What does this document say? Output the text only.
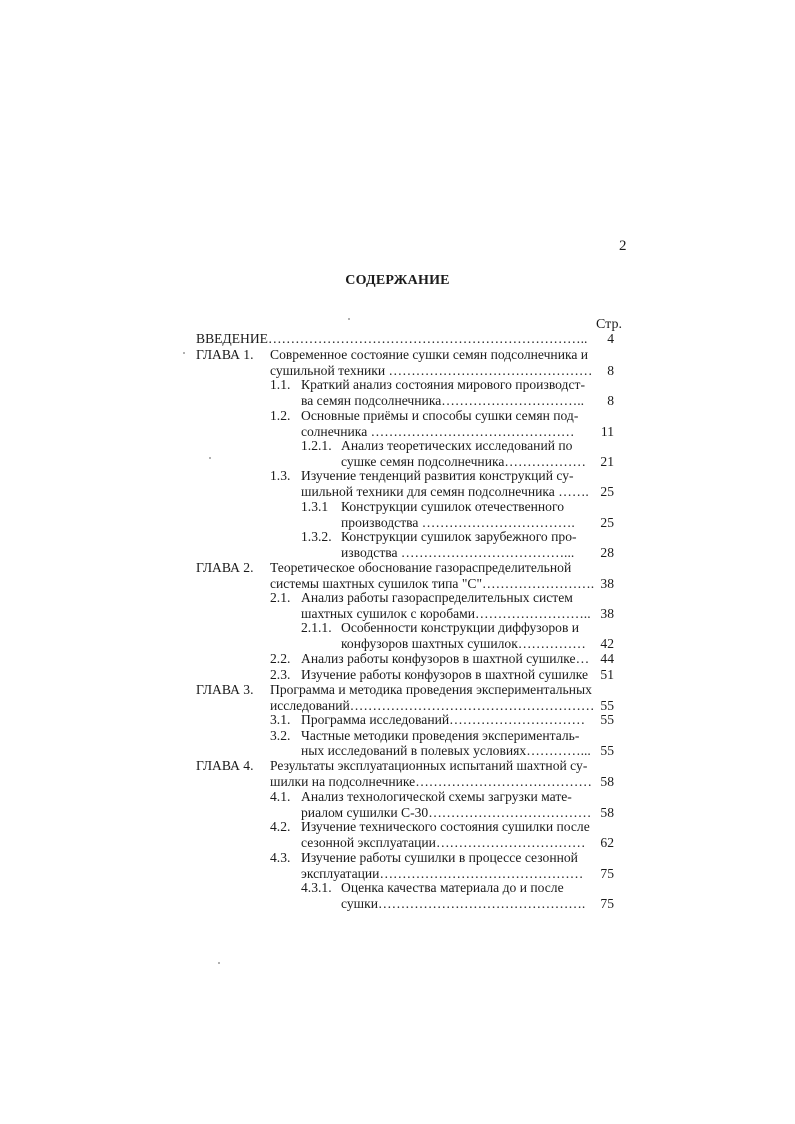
2
СОДЕРЖАНИЕ
Стр.
ВВЕДЕНИЕ……………………………………………………………..	4
ГЛАВА 1. Современное состояние сушки семян подсолнечника и
сушильной техники ………………………………………	8
1.1. Краткий анализ состояния мирового производст-
ва семян подсолнечника…………………………..	8
1.2. Основные приёмы и способы сушки семян под-
солнечника ………………………………………	11
1.2.1. Анализ теоретических исследований по
сушке семян подсолнечника………………	21
1.3. Изучение тенденций развития конструкций су-
шильной техники для семян подсолнечника ……. 25
1.3.1 Конструкции сушилок отечественного
производства …………………………….	25
1.3.2. Конструкции сушилок зарубежного про-
изводства ………………………………...	28
ГЛАВА 2. Теоретическое обоснование газораспределительной
системы шахтных сушилок типа "С"……………………. 38
2.1. Анализ работы газораспределительных систем
шахтных сушилок с коробами…………………….. 38
2.1.1. Особенности конструкции диффузоров и
конфузоров шахтных сушилок……………	42
2.2. Анализ работы конфузоров в шахтной сушилке… 44
2.3. Изучение работы конфузоров в шахтной сушилке 51
ГЛАВА 3. Программа и методика проведения экспериментальных
исследований……………………………………………… 55
3.1. Программа исследований…………………………	55
3.2. Частные методики проведения эксперименталь-
ных исследований в полевых условиях…………... 55
ГЛАВА 4. Результаты эксплуатационных испытаний шахтной су-
шилки на подсолнечнике………………………………… 58
4.1. Анализ технологической схемы загрузки мате-
риалом сушилки С-30……………………………… 58
4.2. Изучение технического состояния сушилки после
сезонной эксплуатации……………………………	62
4.3. Изучение работы сушилки в процессе сезонной
эксплуатации………………………………………	75
4.3.1. Оценка качества материала до и после
сушки……………………………………….	75
